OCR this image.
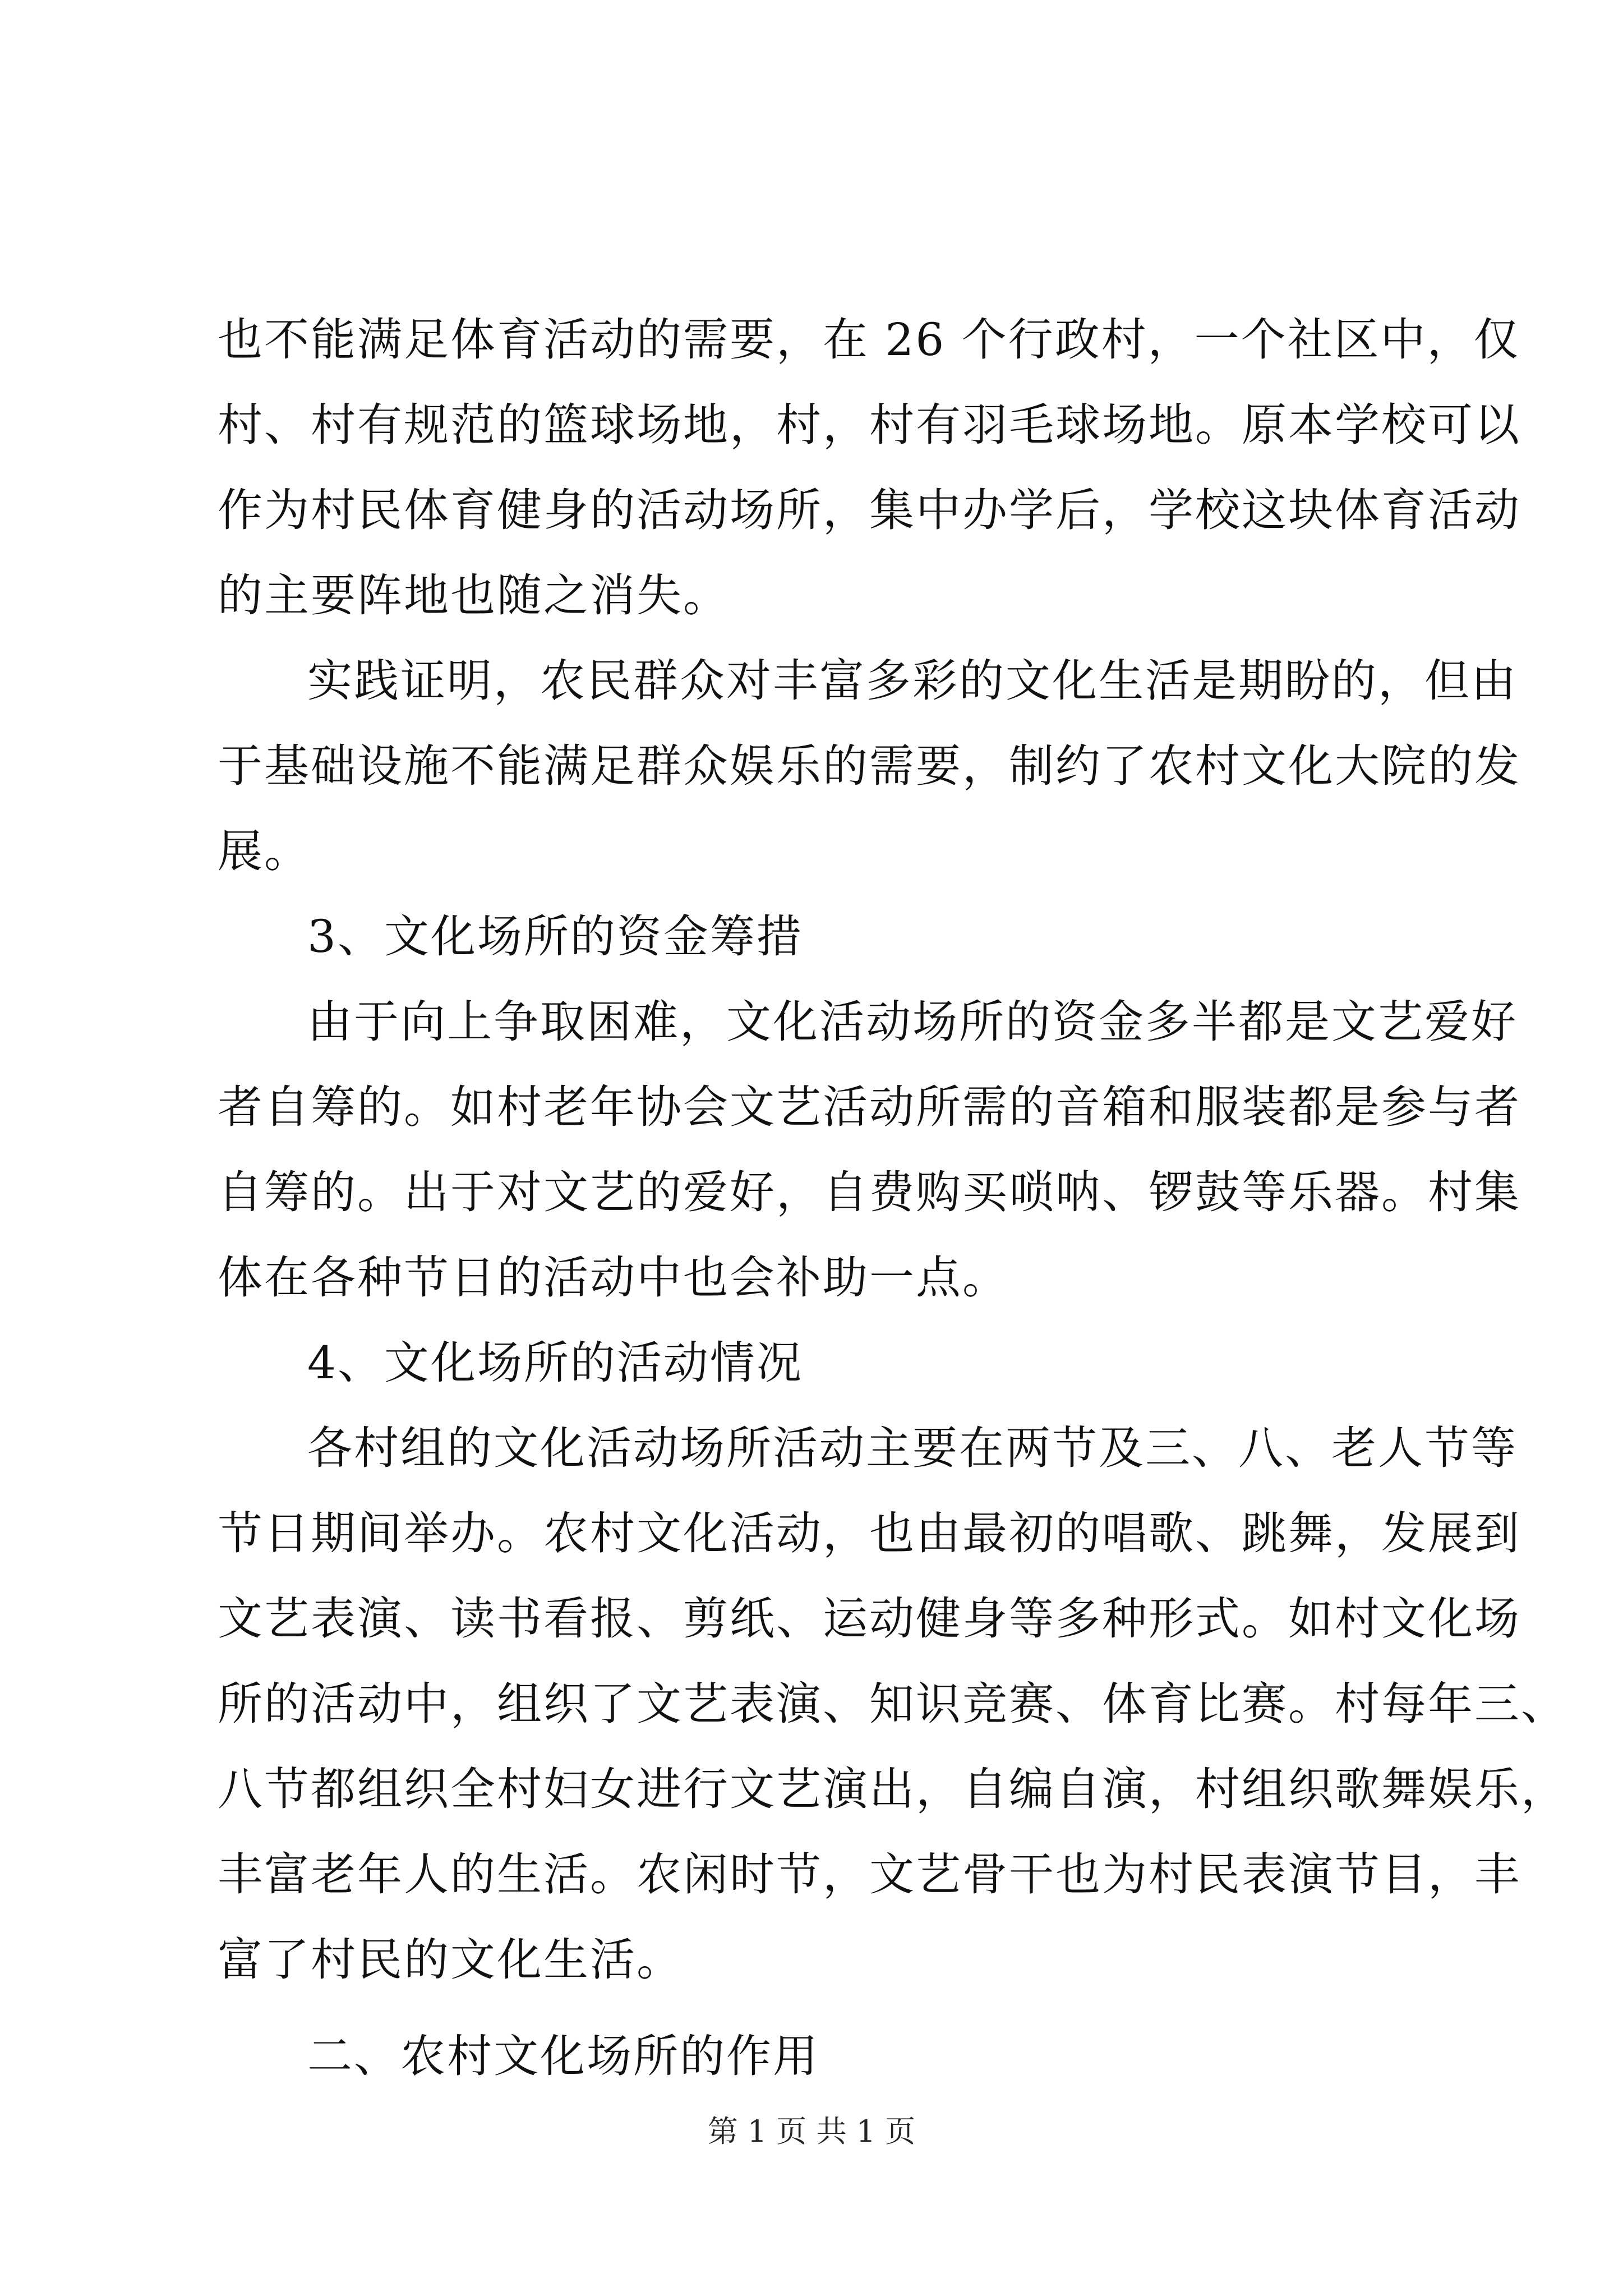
也不能满足体育活动的需要，在 26 个行政村，一个社区中，仅
村、村有规范的篮球场地，村，村有羽毛球场地。原本学校可以
作为村民体育健身的活动场所，集中办学后，学校这块体育活动
的主要阵地也随之消失。
实践证明，农民群众对丰富多彩的文化生活是期盼的，但由
于基础设施不能满足群众娱乐的需要，制约了农村文化大院的发
展。
3、文化场所的资金筹措
由于向上争取困难，文化活动场所的资金多半都是文艺爱好
者自筹的。如村老年协会文艺活动所需的音箱和服装都是参与者
自筹的。出于对文艺的爱好，自费购买唢呐、锣鼓等乐器。村集
体在各种节日的活动中也会补助一点。
4、文化场所的活动情况
各村组的文化活动场所活动主要在两节及三、八、老人节等
节日期间举办。农村文化活动，也由最初的唱歌、跳舞，发展到
文艺表演、读书看报、剪纸、运动健身等多种形式。如村文化场
所的活动中，组织了文艺表演、知识竞赛、体育比赛。村每年三、
八节都组织全村妇女进行文艺演出，自编自演，村组织歌舞娱乐，
丰富老年人的生活。农闲时节，文艺骨干也为村民表演节目，丰
富了村民的文化生活。
二、农村文化场所的作用
第 1 页 共 1 页
